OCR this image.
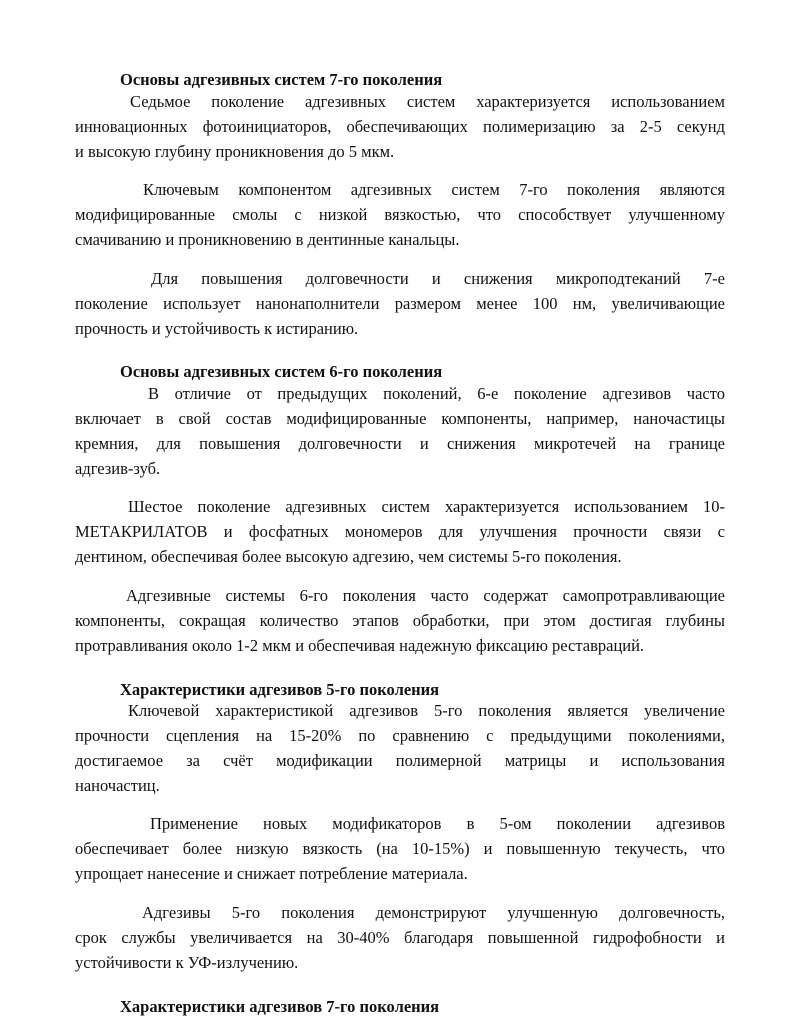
Основы адгезивных систем 7-го поколения
Седьмое поколение адгезивных систем характеризуется использованием
инновационных фотоинициаторов, обеспечивающих полимеризацию за 2-5 секунд
и высокую глубину проникновения до 5 мкм.
Ключевым компонентом адгезивных систем 7-го поколения являются
модифицированные смолы с низкой вязкостью, что способствует улучшенному
смачиванию и проникновению в дентинные канальцы.
Для повышения долговечности и снижения микроподтеканий 7-е
поколение использует нанонаполнители размером менее 100 нм, увеличивающие
прочность и устойчивость к истиранию.
Основы адгезивных систем 6-го поколения
В отличие от предыдущих поколений, 6-е поколение адгезивов часто
включает в свой состав модифицированные компоненты, например, наночастицы
кремния, для повышения долговечности и снижения микротечей на границе
адгезив-зуб.
Шестое поколение адгезивных систем характеризуется использованием 10-
МЕТАКРИЛАТОВ и фосфатных мономеров для улучшения прочности связи с
дентином, обеспечивая более высокую адгезию, чем системы 5-го поколения.
Адгезивные системы 6-го поколения часто содержат самопротравливающие
компоненты, сокращая количество этапов обработки, при этом достигая глубины
протравливания около 1-2 мкм и обеспечивая надежную фиксацию реставраций.
Характеристики адгезивов 5-го поколения
Ключевой характеристикой адгезивов 5-го поколения является увеличение
прочности сцепления на 15-20% по сравнению с предыдущими поколениями,
достигаемое за счёт модификации полимерной матрицы и использования
наночастиц.
Применение новых модификаторов в 5-ом поколении адгезивов
обеспечивает более низкую вязкость (на 10-15%) и повышенную текучесть, что
упрощает нанесение и снижает потребление материала.
Адгезивы 5-го поколения демонстрируют улучшенную долговечность,
срок службы увеличивается на 30-40% благодаря повышенной гидрофобности и
устойчивости к УФ-излучению.
Характеристики адгезивов 7-го поколения
